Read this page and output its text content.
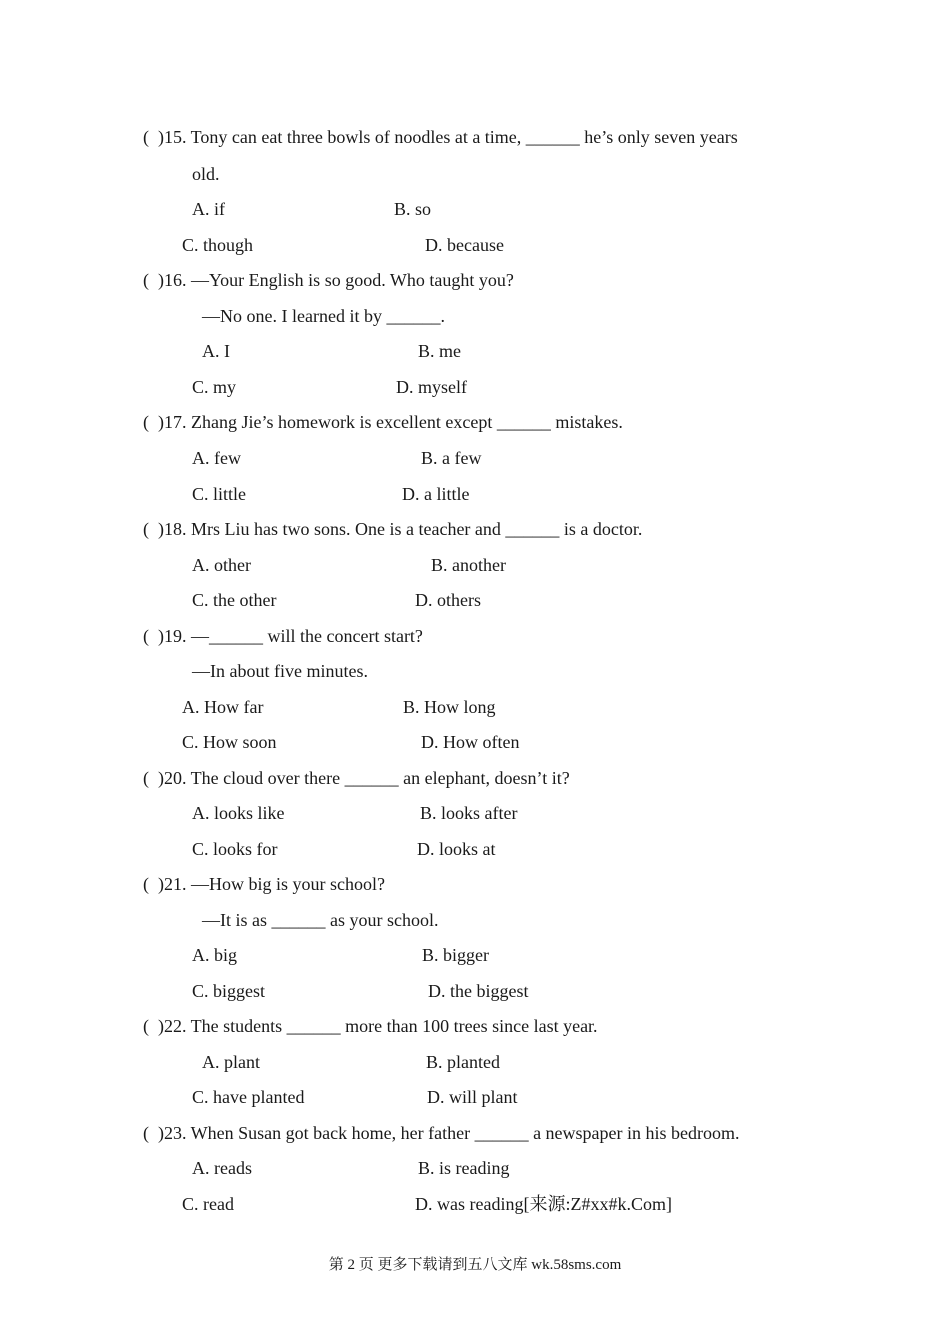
(  )15. Tony can eat three bowls of noodles at a time, ______ he’s only seven years
old.
A. if	B. so
C. though	D. because
(  )16. —Your English is so good. Who taught you?
—No one. I learned it by ______.
A. I	B. me
C. my	D. myself
(  )17. Zhang Jie’s homework is excellent except ______ mistakes.
A. few	B. a few
C. little	D. a little
(  )18. Mrs Liu has two sons. One is a teacher and ______ is a doctor.
A. other	B. another
C. the other	D. others
(  )19. —______ will the concert start?
—In about five minutes.
A. How far	B. How long
C. How soon	D. How often
(  )20. The cloud over there ______ an elephant, doesn’t it?
A. looks like	B. looks after
C. looks for	D. looks at
(  )21. —How big is your school?
—It is as ______ as your school.
A. big	B. bigger
C. biggest	D. the biggest
(  )22. The students ______ more than 100 trees since last year.
A. plant	B. planted
C. have planted	D. will plant
(  )23. When Susan got back home, her father ______ a newspaper in his bedroom.
A. reads	B. is reading
C. read	D. was reading[来源:Z#xx#k.Com]
第 2 页 更多下载请到五八文库 wk.58sms.com
